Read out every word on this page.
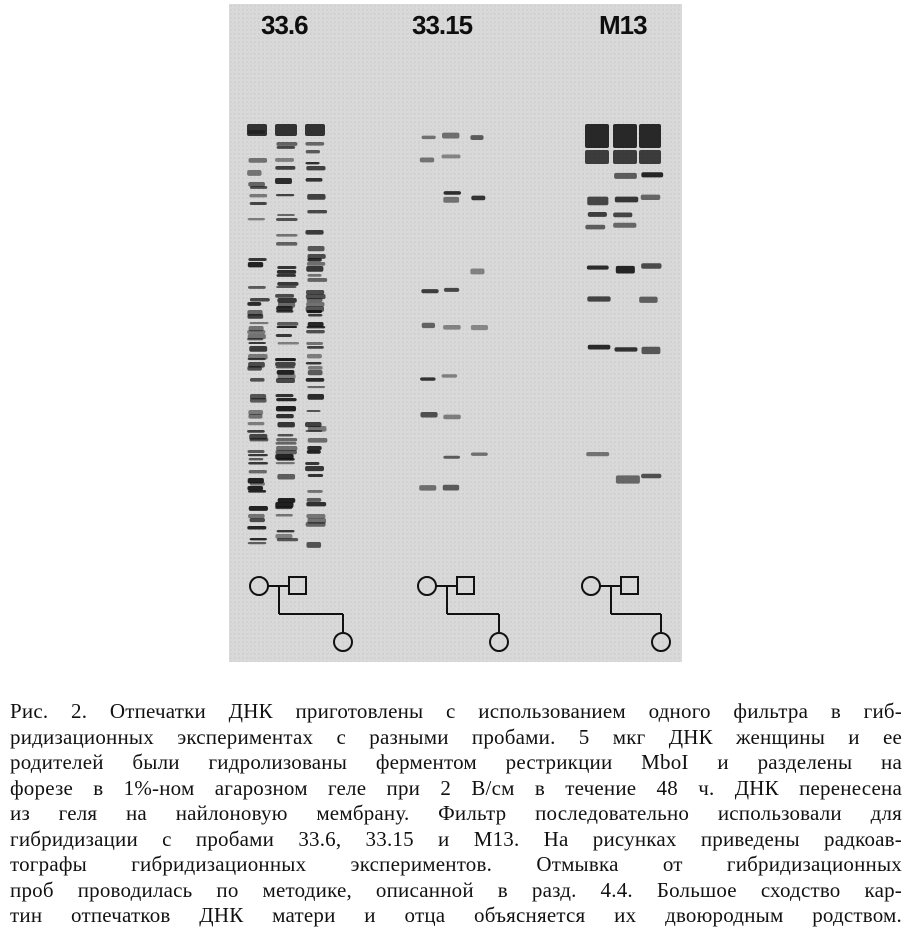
33.6	33.15	M13
Рис. 2. Отпечатки ДНК приготовлены с использованием одного фильтра в гиб-
ридизационных экспериментах с разными пробами. 5 мкг ДНК женщины и ее
родителей были гидролизованы ферментом рестрикции MboI и разделены на
форезе в 1%-ном агарозном геле при 2 В/см в течение 48 ч. ДНК перенесена
из геля на найлоновую мембрану. Фильтр последовательно использовали для
гибридизации с пробами 33.6, 33.15 и M13. На рисунках приведены радкоав-
тографы гибридизационных экспериментов. Отмывка от гибридизационных
проб проводилась по методике, описанной в разд. 4.4. Большое сходство кар-
тин отпечатков ДНК матери и отца объясняется их двоюродным родством.
